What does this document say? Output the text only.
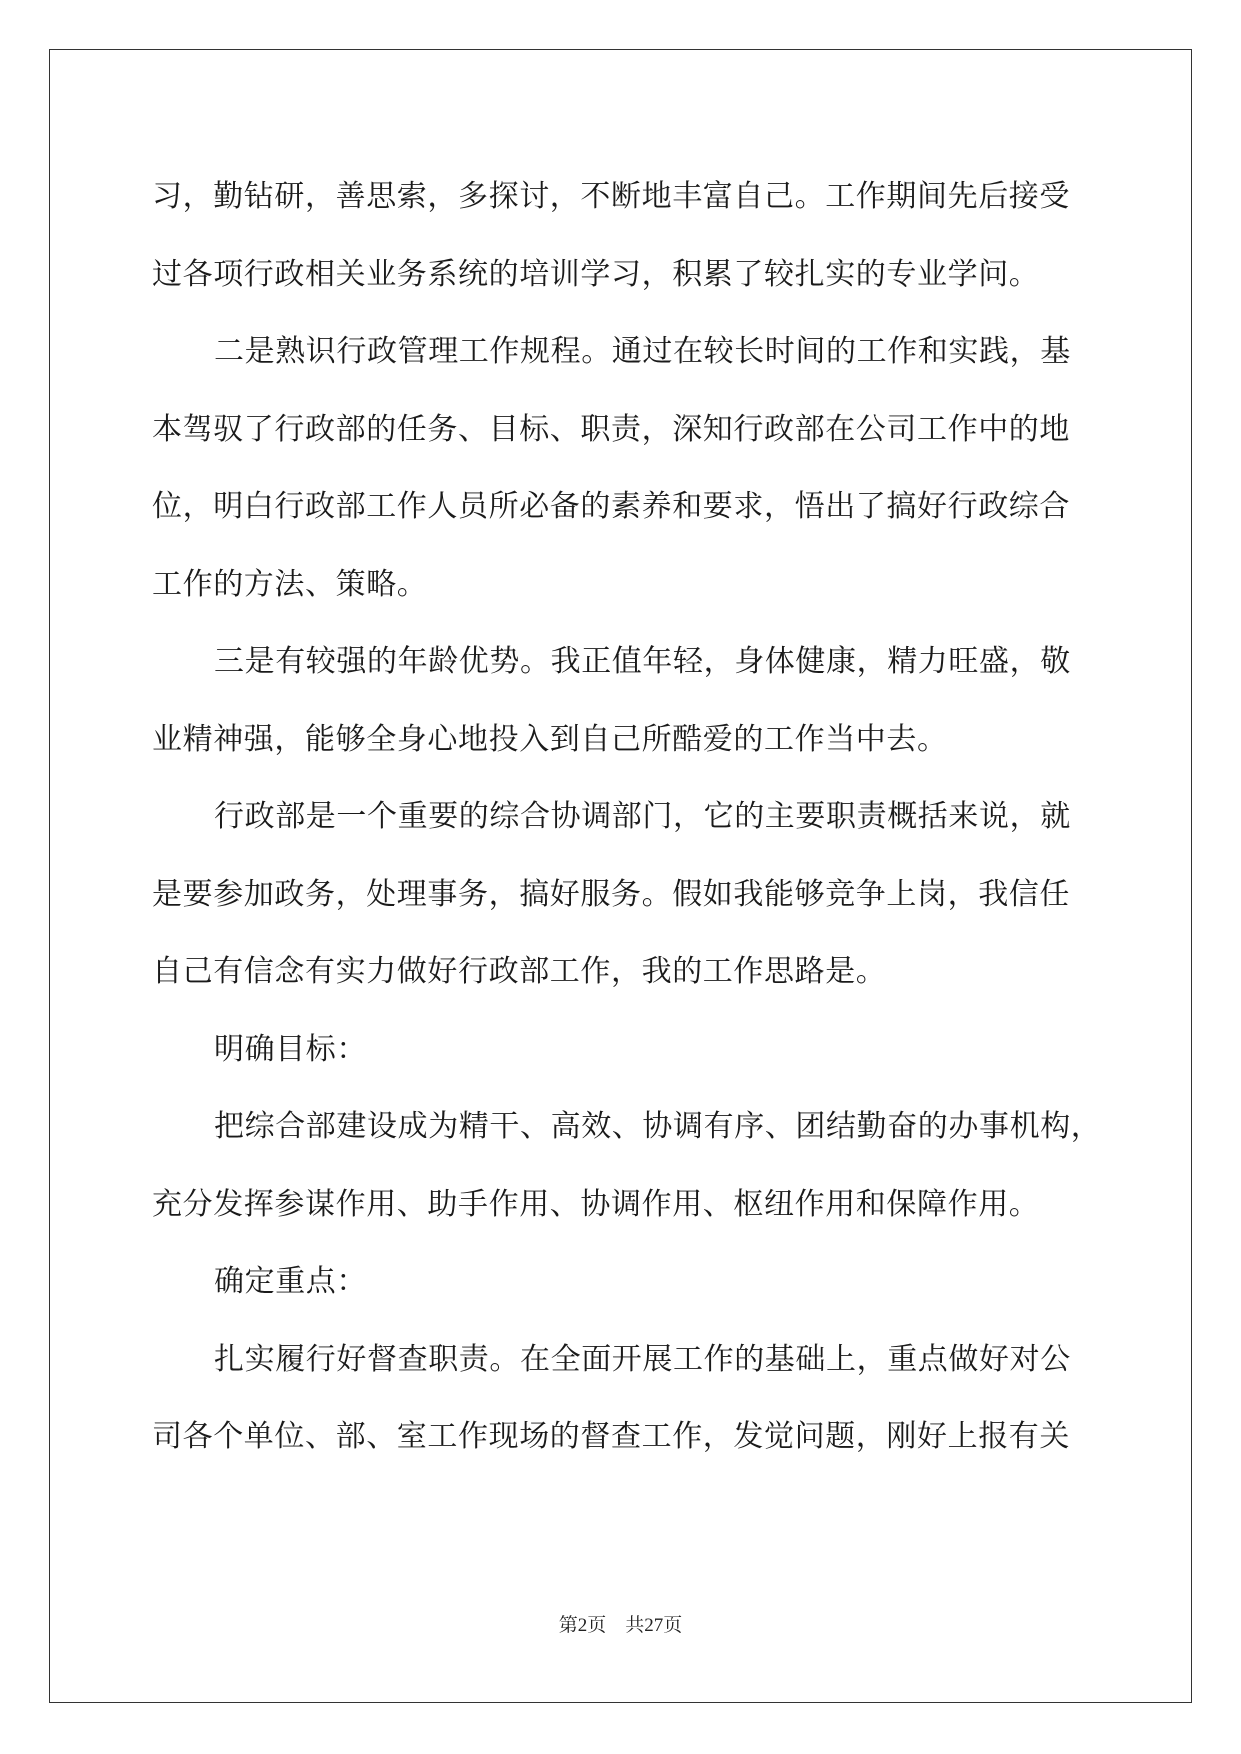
习，勤钻研，善思索，多探讨，不断地丰富自己。工作期间先后接受
过各项行政相关业务系统的培训学习，积累了较扎实的专业学问。
二是熟识行政管理工作规程。通过在较长时间的工作和实践，基
本驾驭了行政部的任务、目标、职责，深知行政部在公司工作中的地
位，明白行政部工作人员所必备的素养和要求，悟出了搞好行政综合
工作的方法、策略。
三是有较强的年龄优势。我正值年轻，身体健康，精力旺盛，敬
业精神强，能够全身心地投入到自己所酷爱的工作当中去。
行政部是一个重要的综合协调部门，它的主要职责概括来说，就
是要参加政务，处理事务，搞好服务。假如我能够竞争上岗，我信任
自己有信念有实力做好行政部工作，我的工作思路是。
明确目标：
把综合部建设成为精干、高效、协调有序、团结勤奋的办事机构，
充分发挥参谋作用、助手作用、协调作用、枢纽作用和保障作用。
确定重点：
扎实履行好督查职责。在全面开展工作的基础上，重点做好对公
司各个单位、部、室工作现场的督查工作，发觉问题，刚好上报有关
第2页　共27页
